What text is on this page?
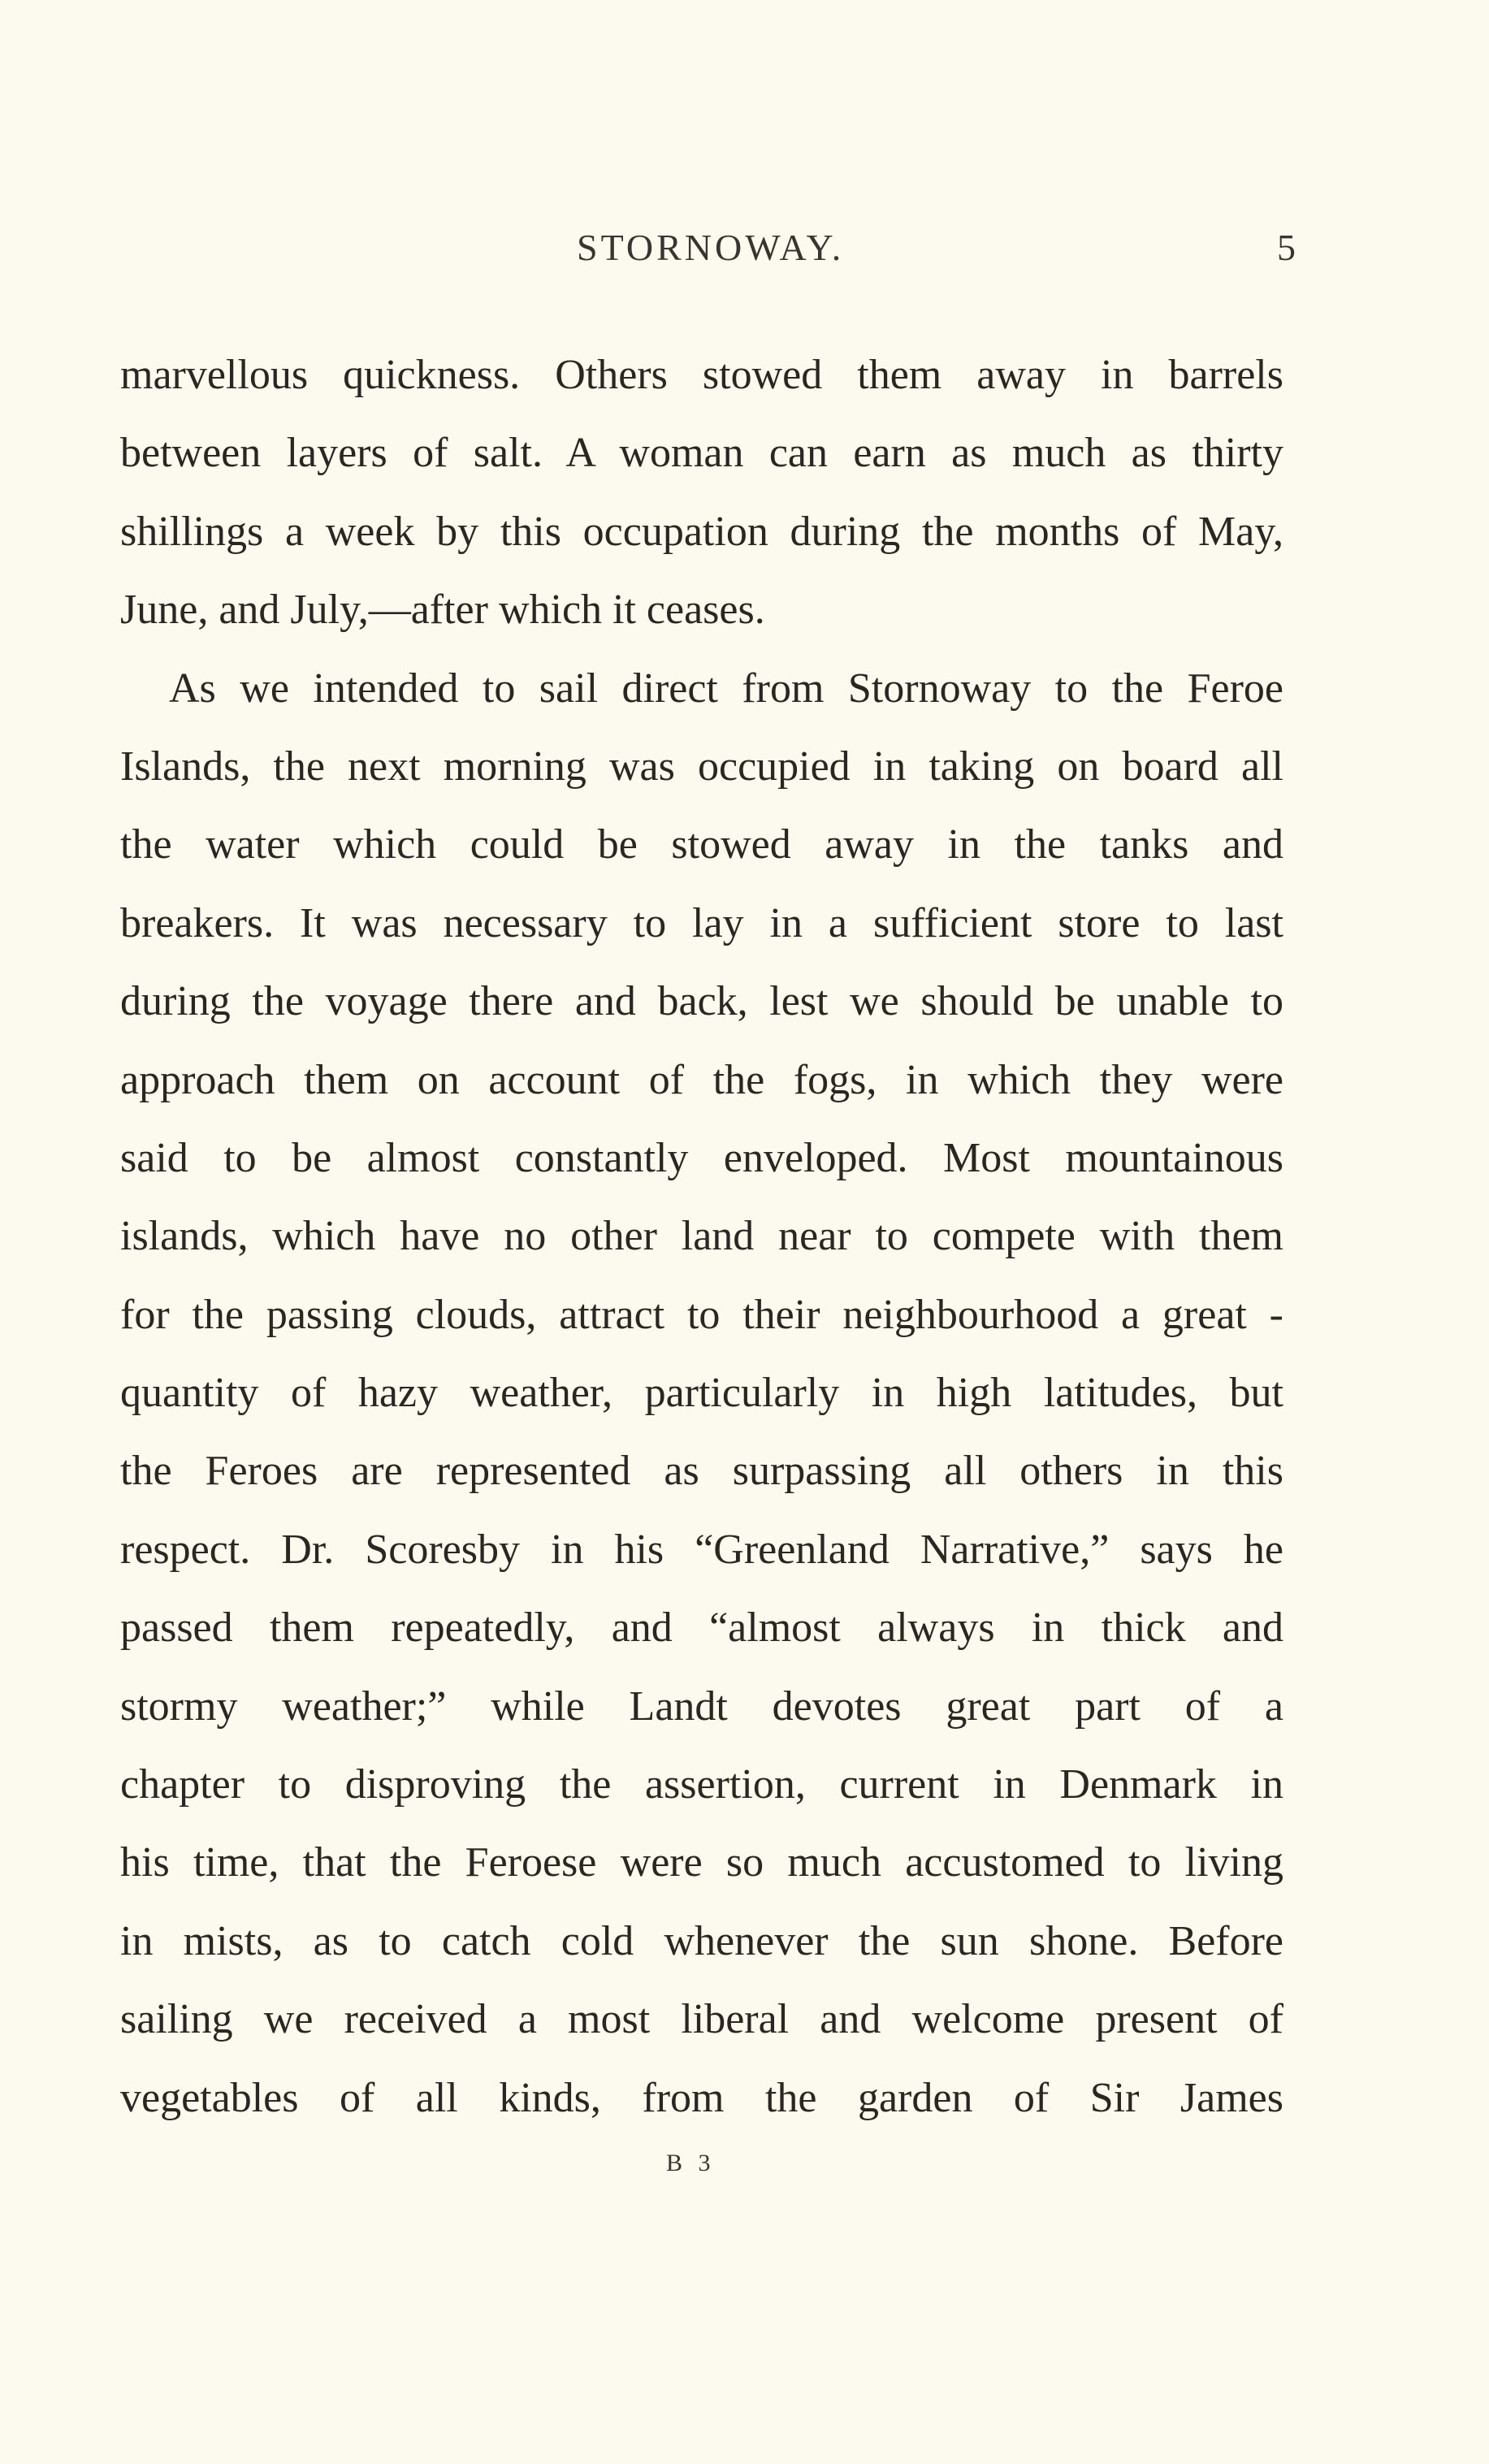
STORNOWAY.	5
marvellous quickness. Others stowed them away in barrels
between layers of salt. A woman can earn as much as thirty
shillings a week by this occupation during the months of May,
June, and July,—after which it ceases.
As we intended to sail direct from Stornoway to the Feroe
Islands, the next morning was occupied in taking on board all
the water which could be stowed away in the tanks and
breakers. It was necessary to lay in a sufficient store to last
during the voyage there and back, lest we should be unable to
approach them on account of the fogs, in which they were
said to be almost constantly enveloped. Most mountainous
islands, which have no other land near to compete with them
for the passing clouds, attract to their neighbourhood a great -
quantity of hazy weather, particularly in high latitudes, but
the Feroes are represented as surpassing all others in this
respect. Dr. Scoresby in his “Greenland Narrative,” says he
passed them repeatedly, and “almost always in thick and
stormy weather;” while Landt devotes great part of a
chapter to disproving the assertion, current in Denmark in
his time, that the Feroese were so much accustomed to living
in mists, as to catch cold whenever the sun shone. Before
sailing we received a most liberal and welcome present of
vegetables of all kinds, from the garden of Sir James
B 3
